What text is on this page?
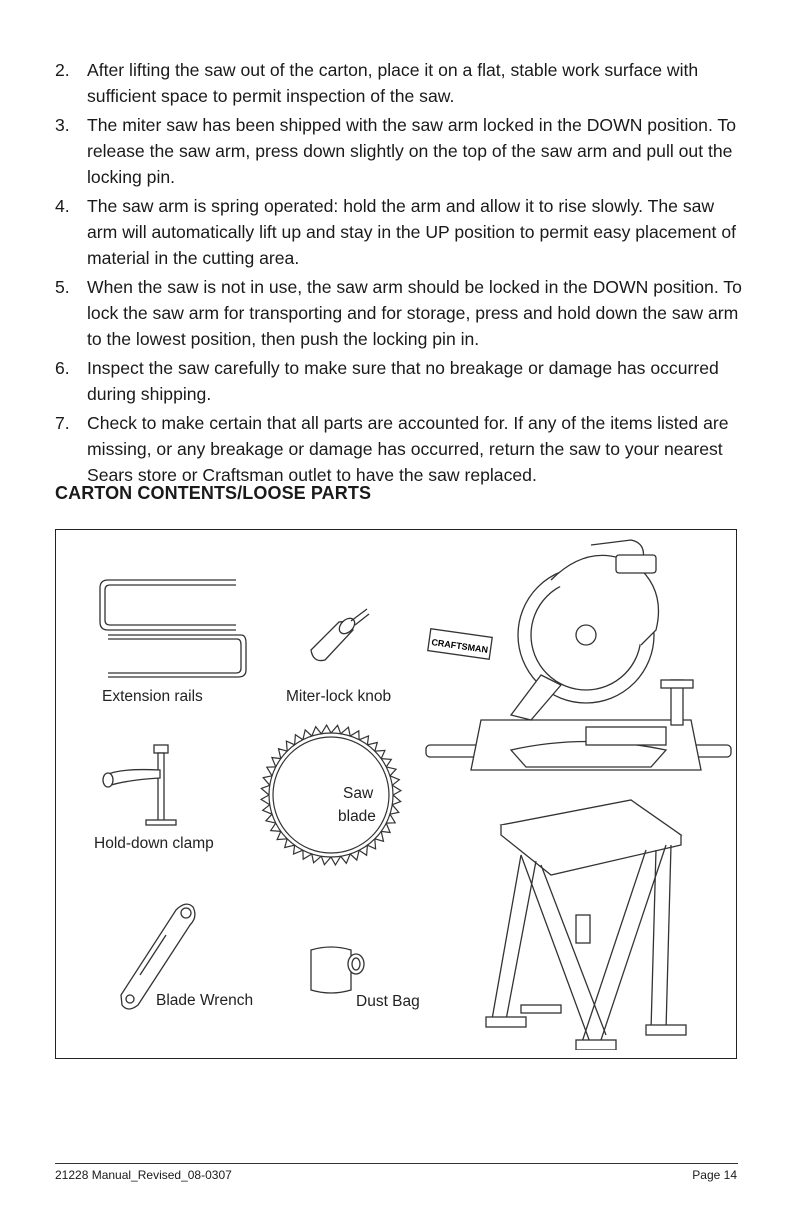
2. After lifting the saw out of the carton, place it on a flat, stable work surface with sufficient space to permit inspection of the saw.
3. The miter saw has been shipped with the saw arm locked in the DOWN position. To release the saw arm, press down slightly on the top of the saw arm and pull out the locking pin.
4. The saw arm is spring operated: hold the arm and allow it to rise slowly. The saw arm will automatically lift up and stay in the UP position to permit easy placement of material in the cutting area.
5. When the saw is not in use, the saw arm should be locked in the DOWN position. To lock the saw arm for transporting and for storage, press and hold down the saw arm to the lowest position, then push the locking pin in.
6. Inspect the saw carefully to make sure that no breakage or damage has occurred during shipping.
7. Check to make certain that all parts are accounted for. If any of the items listed are missing, or any breakage or damage has occurred, return the saw to your nearest Sears store or Craftsman outlet to have the saw replaced.
CARTON CONTENTS/LOOSE PARTS
Extension rails	Miter-lock knob
Saw
blade
Hold-down clamp
Blade Wrench	Dust Bag
CRAFTSMAN
21228 Manual_Revised_08-0307	Page 14
